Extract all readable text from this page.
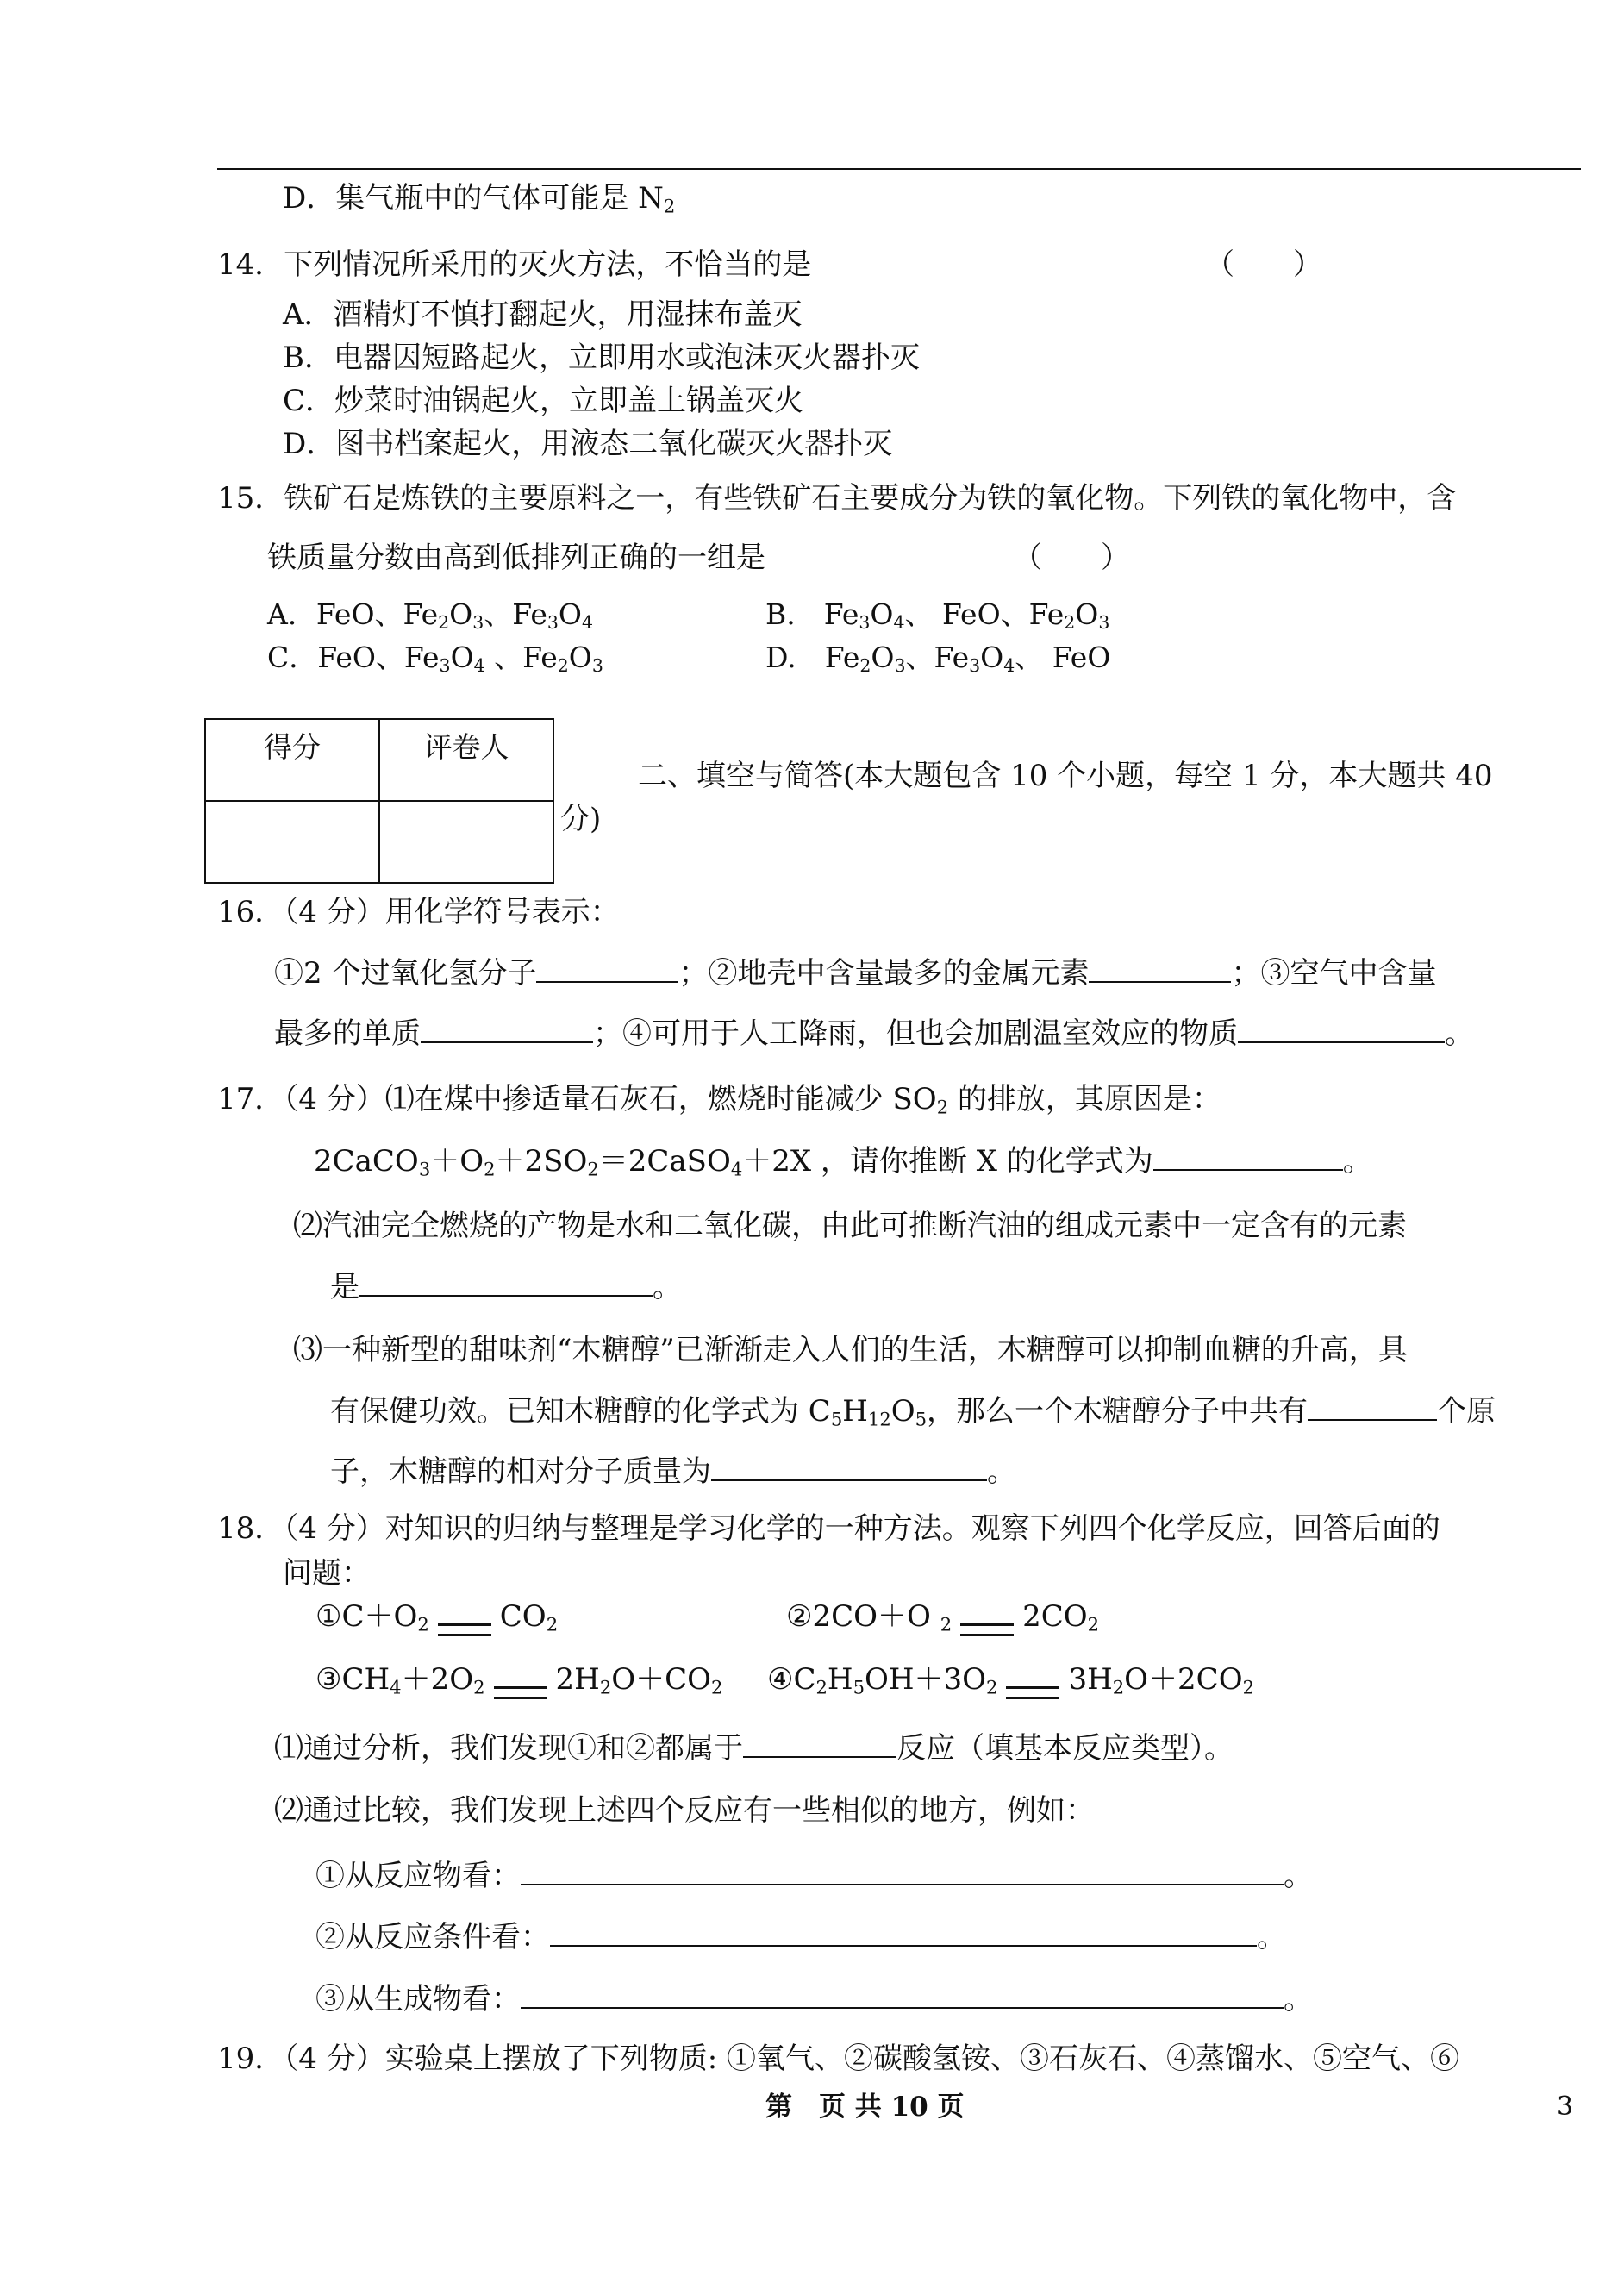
D．集气瓶中的气体可能是 $N_2$
14．下列情况所采用的灭火方法，不恰当的是	（　　）
A．酒精灯不慎打翻起火，用湿抹布盖灭
B．电器因短路起火，立即用水或泡沫灭火器扑灭
C．炒菜时油锅起火，立即盖上锅盖灭火
D．图书档案起火，用液态二氧化碳灭火器扑灭
15．铁矿石是炼铁的主要原料之一，有些铁矿石主要成分为铁的氧化物。下列铁的氧化物中，含
铁质量分数由高到低排列正确的一组是	（　　）
A．FeO、$Fe_2O_3$、$Fe_3O_4$	B.　$Fe_3O_4$、 FeO、$Fe_2O_3$
C．FeO、$Fe_3O_4$ 、$Fe_2O_3$	D.　$Fe_2O_3$、$Fe_3O_4$、 FeO
得分	评卷人

二、填空与简答(本大题包含 10 个小题，每空 1 分，本大题共 40
分)
16．（4 分）用化学符号表示：
①2 个过氧化氢分子	；②地壳中含量最多的金属元素	；③空气中含量
最多的单质	；④可用于人工降雨，但也会加剧温室效应的物质	。
17．（4 分）⑴在煤中掺适量石灰石，燃烧时能减少 $SO_2$ 的排放，其原因是：
$2CaCO_3+O_2+2SO_2=2CaSO_4+2X$ ，请你推断 X 的化学式为	。
⑵汽油完全燃烧的产物是水和二氧化碳，由此可推断汽油的组成元素中一定含有的元素
是	。
⑶一种新型的甜味剂“木糖醇”已渐渐走入人们的生活，木糖醇可以抑制血糖的升高，具
有保健功效。已知木糖醇的化学式为 $C_5H_{12}O_5$，那么一个木糖醇分子中共有	个原
子，木糖醇的相对分子质量为	。
18．（4 分）对知识的归纳与整理是学习化学的一种方法。观察下列四个化学反应，回答后面的
问题：
$①C+O_2$ $CO_2$	②2CO＋O $_2$ $2CO_2$
$③CH_4+2O_2$ $2H_2O+CO_2$ $④C_2H_5OH+3O_2$ $3H_2O+2CO_2$
⑴通过分析，我们发现①和②都属于	反应（填基本反应类型）。
⑵通过比较，我们发现上述四个反应有一些相似的地方，例如：
①从反应物看：	。
②从反应条件看：	。
③从生成物看：	。
19．（4 分）实验桌上摆放了下列物质: ①氧气、②碳酸氢铵、③石灰石、④蒸馏水、⑤空气、⑥
第　页 共 10 页	3
